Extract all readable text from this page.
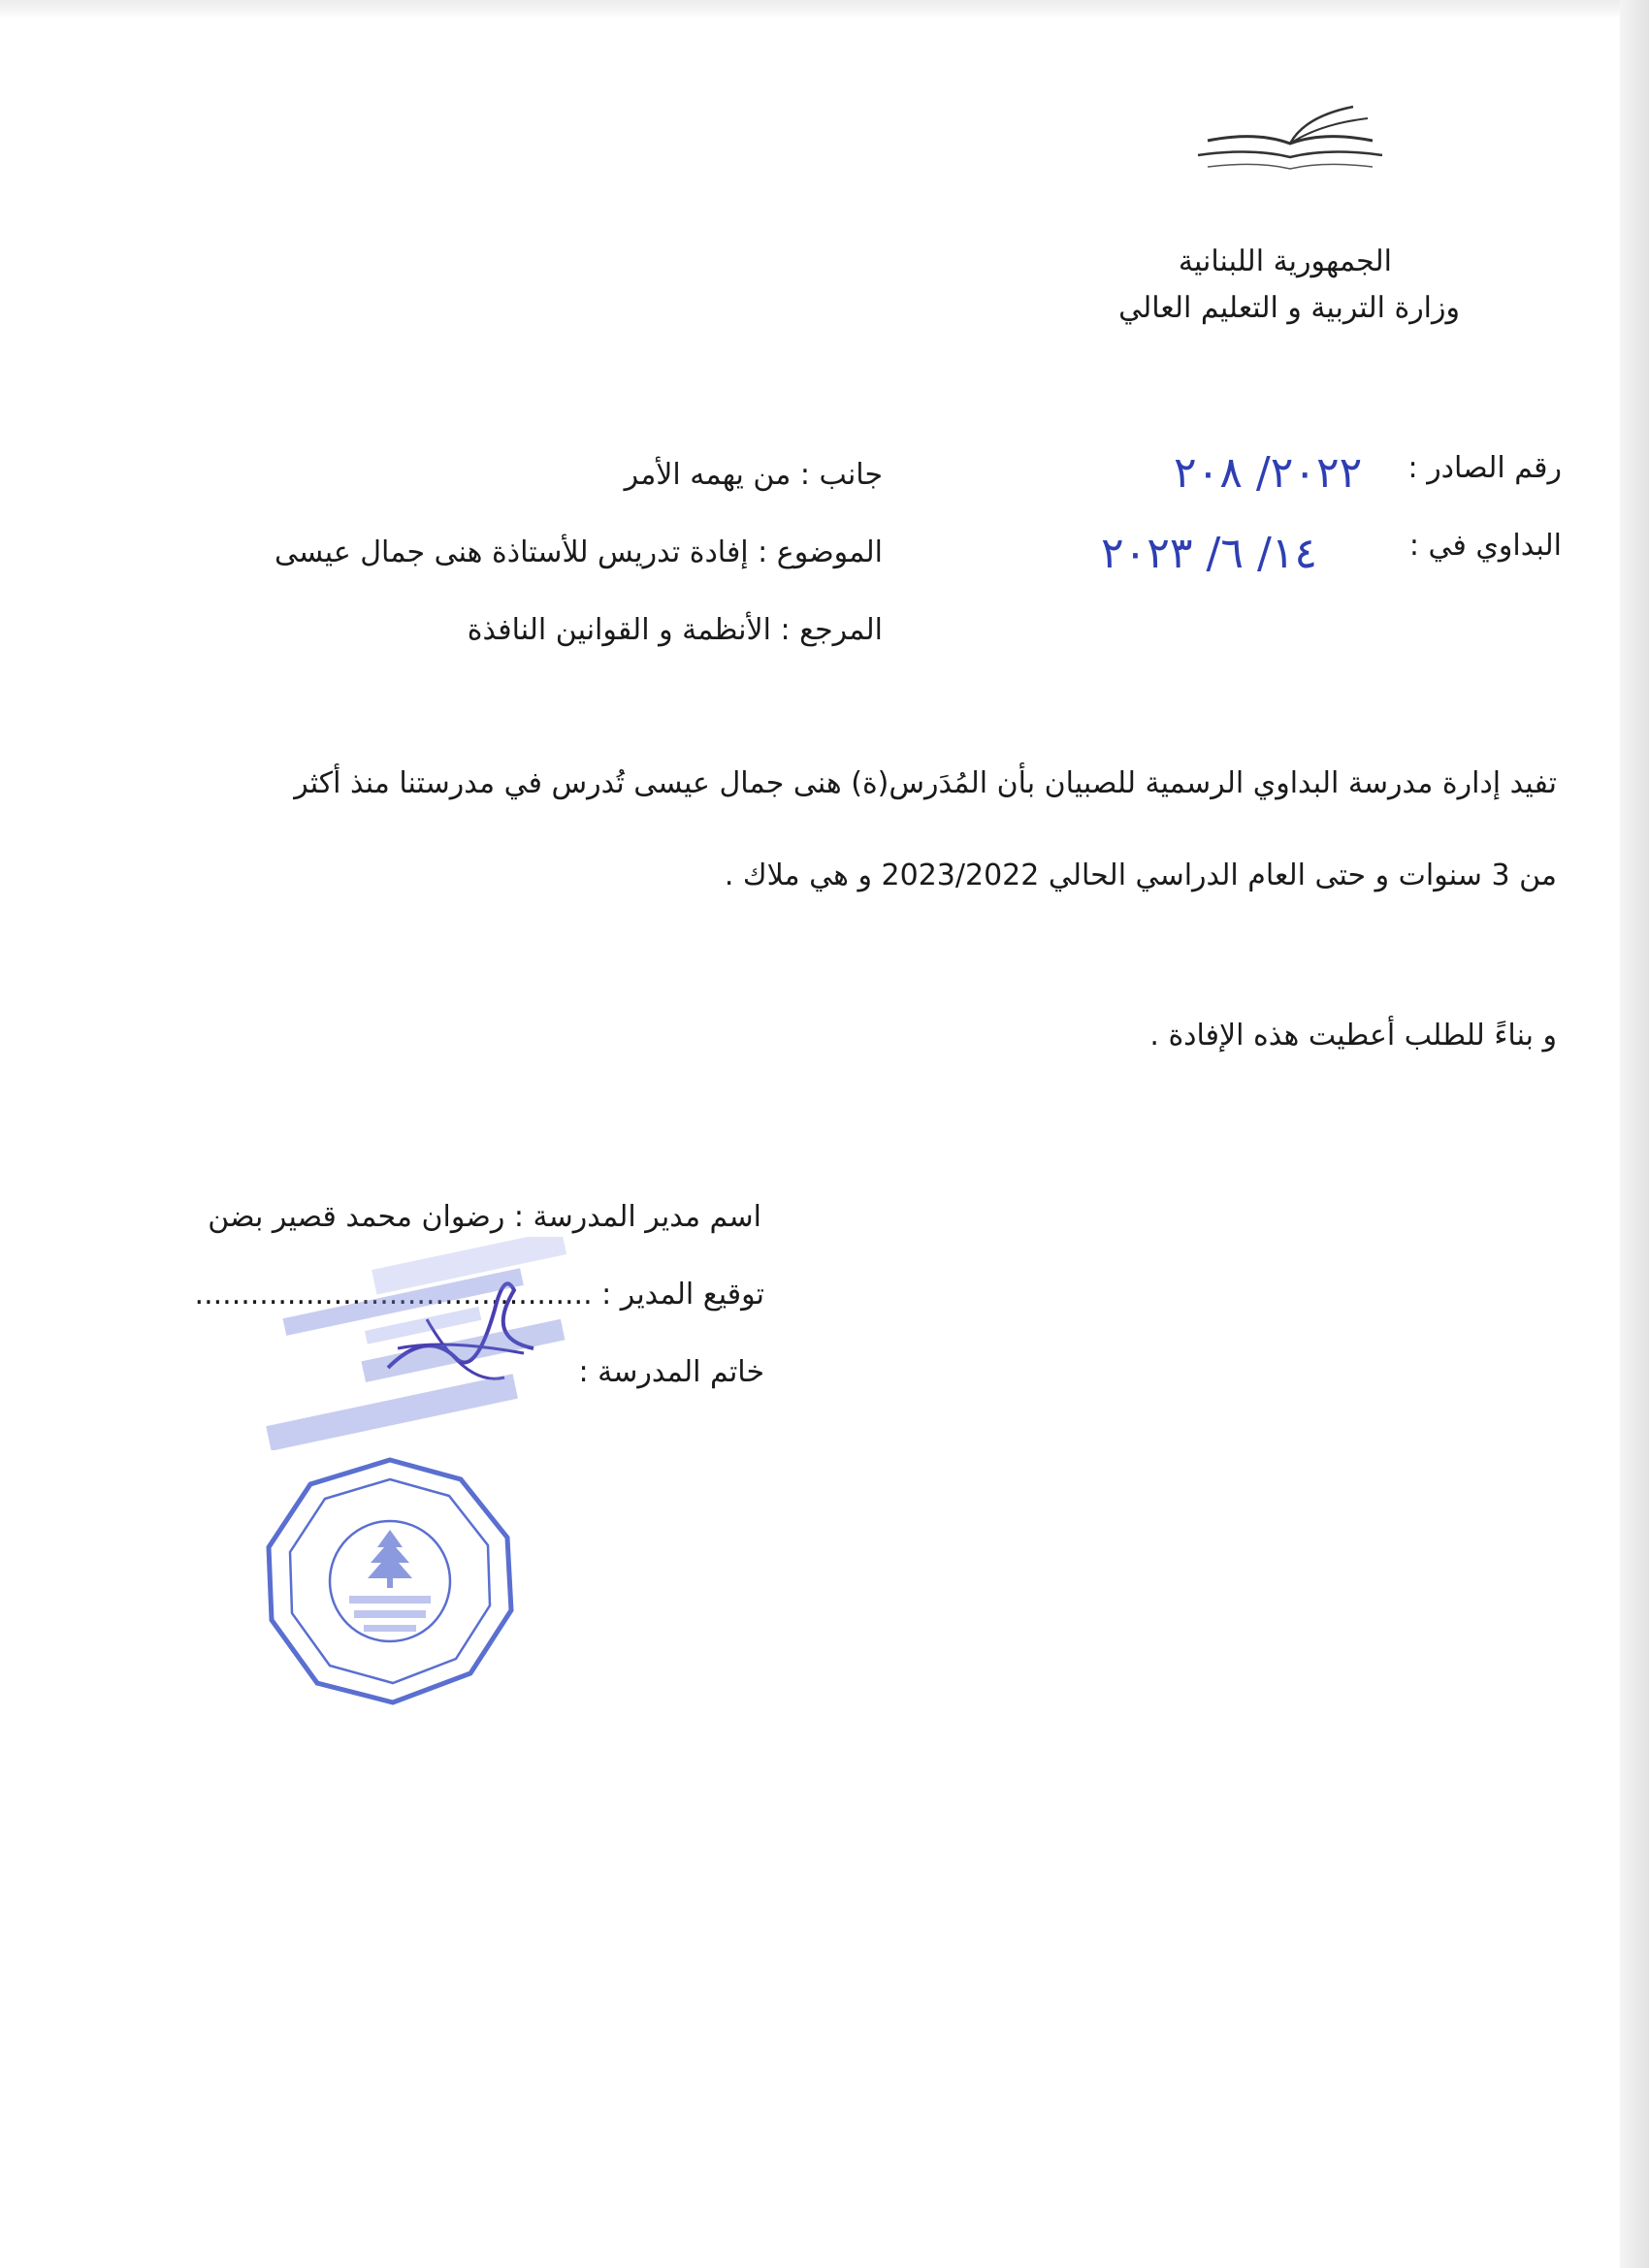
الجمهورية اللبنانية
وزارة التربية و التعليم العالي
رقم الصادر :
٢٠٢٢/ ٢٠٨
البداوي في :
١٤/ ٦/ ٢٠٢٣
جانب : من يهمه الأمر
الموضوع : إفادة تدريس للأستاذة هنى جمال عيسى
المرجع : الأنظمة و القوانين النافذة
تفيد إدارة مدرسة البداوي الرسمية للصبيان بأن المُدَرس(ة) هنى جمال عيسى تُدرس في مدرستنا منذ أكثر
من 3 سنوات و حتى العام الدراسي الحالي 2023/2022 و هي ملاك .
و بناءً للطلب أعطيت هذه الإفادة .
اسم مدير المدرسة : رضوان محمد قصير بضن
توقيع المدير : ...........................................
خاتم المدرسة :
